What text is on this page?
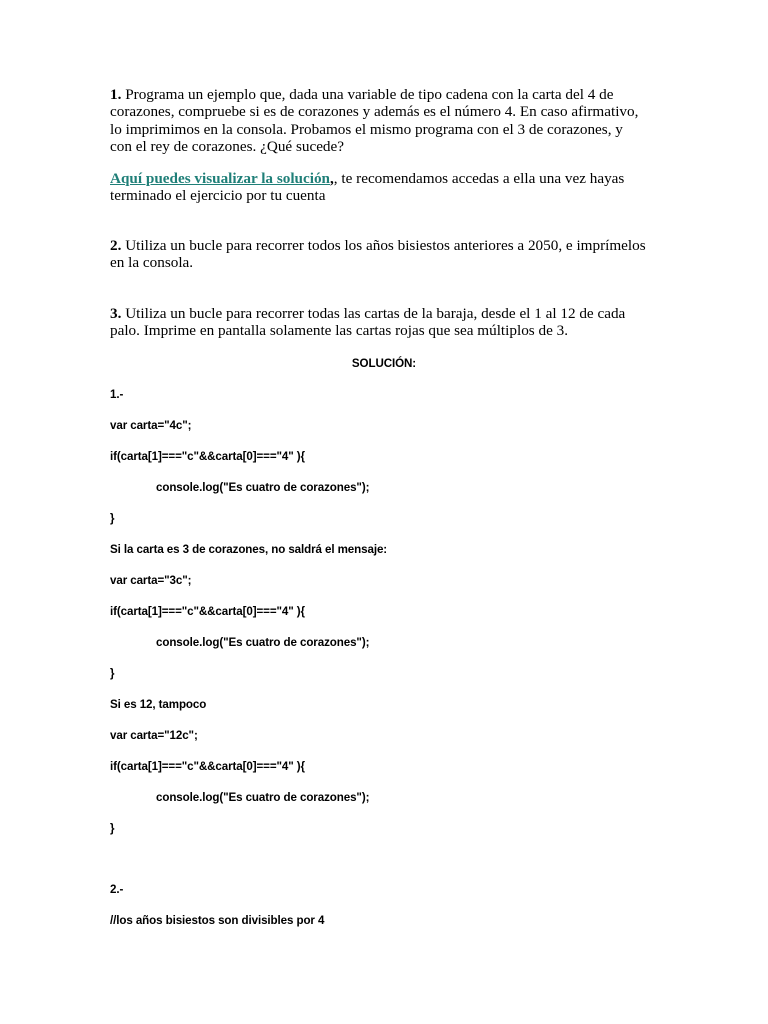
1. Programa un ejemplo que, dada una variable de tipo cadena con la carta del 4 de
corazones, compruebe si es de corazones y además es el número 4. En caso afirmativo,
lo imprimimos en la consola. Probamos el mismo programa con el 3 de corazones, y
con el rey de corazones. ¿Qué sucede?
Aquí puedes visualizar la solución,, te recomendamos accedas a ella una vez hayas
terminado el ejercicio por tu cuenta
2. Utiliza un bucle para recorrer todos los años bisiestos anteriores a 2050, e imprímelos
en la consola.
3. Utiliza un bucle para recorrer todas las cartas de la baraja, desde el 1 al 12 de cada
palo. Imprime en pantalla solamente las cartas rojas que sea múltiplos de 3.
SOLUCIÓN:
1.-
var carta="4c";
if(carta[1]==="c"&&carta[0]==="4" ){
console.log("Es cuatro de corazones");
}
Si la carta es 3 de corazones, no saldrá el mensaje:
var carta="3c";
if(carta[1]==="c"&&carta[0]==="4" ){
console.log("Es cuatro de corazones");
}
Si es 12, tampoco
var carta="12c";
if(carta[1]==="c"&&carta[0]==="4" ){
console.log("Es cuatro de corazones");
}
2.-
//los años bisiestos son divisibles por 4
